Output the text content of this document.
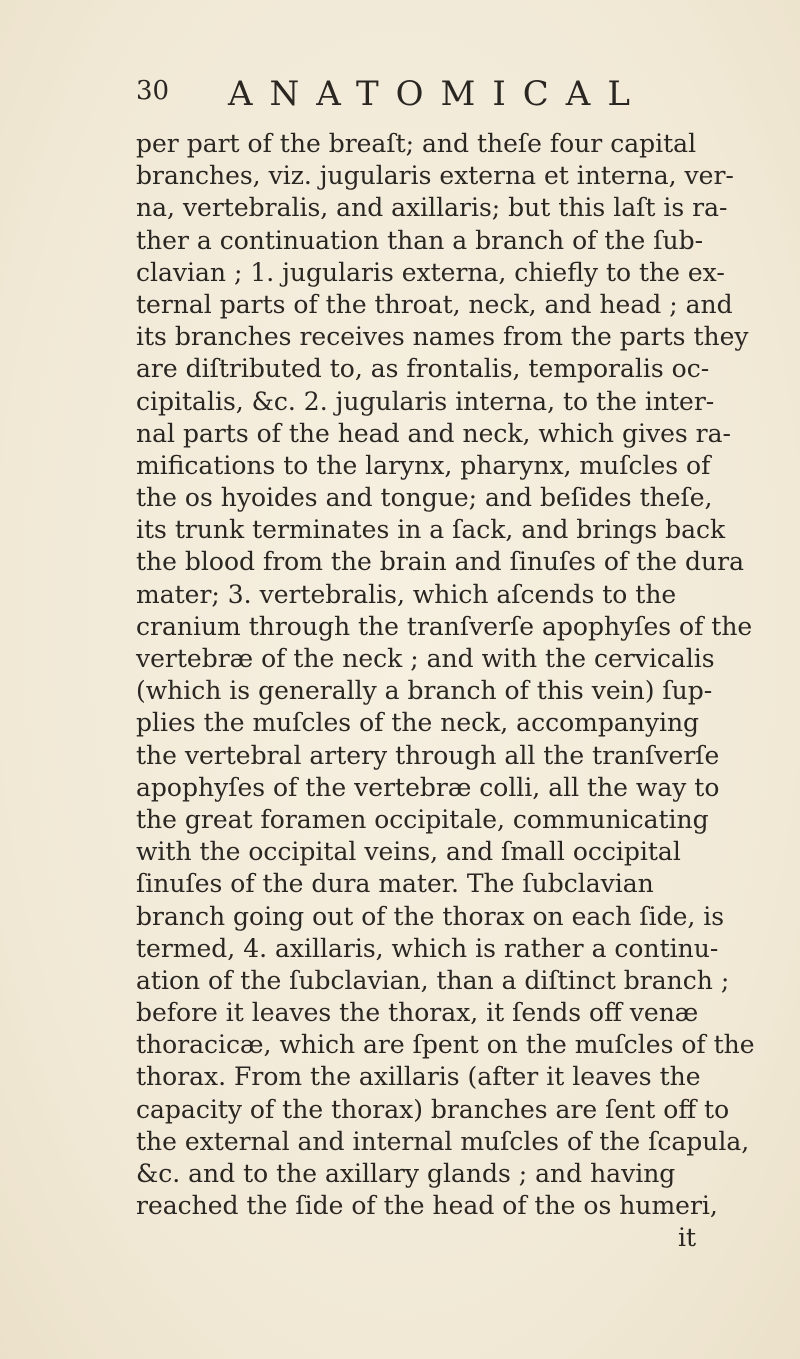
30 ANATOMICAL
per part of the breaſt; and theſe four capital
branches, viz. jugularis externa et interna, ver-
na, vertebralis, and axillaris; but this laſt is ra-
ther a continuation than a branch of the ſub-
clavian ; 1. jugularis externa, chiefly to the ex-
ternal parts of the throat, neck, and head ; and
its branches receives names from the parts they
are diſtributed to, as frontalis, temporalis oc-
cipitalis, &c. 2. jugularis interna, to the inter-
nal parts of the head and neck, which gives ra-
mifications to the larynx, pharynx, muſcles of
the os hyoides and tongue; and beſides theſe,
its trunk terminates in a ſack, and brings back
the blood from the brain and ſinuſes of the dura
mater; 3. vertebralis, which aſcends to the
cranium through the tranſverſe apophyſes of the
vertebræ of the neck ; and with the cervicalis
(which is generally a branch of this vein) ſup-
plies the muſcles of the neck, accompanying
the vertebral artery through all the tranſverſe
apophyſes of the vertebræ colli, all the way to
the great foramen occipitale, communicating
with the occipital veins, and ſmall occipital
ſinuſes of the dura mater. The ſubclavian
branch going out of the thorax on each ſide, is
termed, 4. axillaris, which is rather a continu-
ation of the ſubclavian, than a diſtinct branch ;
before it leaves the thorax, it ſends off venæ
thoracicæ, which are ſpent on the muſcles of the
thorax. From the axillaris (after it leaves the
capacity of the thorax) branches are ſent off to
the external and internal muſcles of the ſcapula,
&c. and to the axillary glands ; and having
reached the ſide of the head of the os humeri,
it
